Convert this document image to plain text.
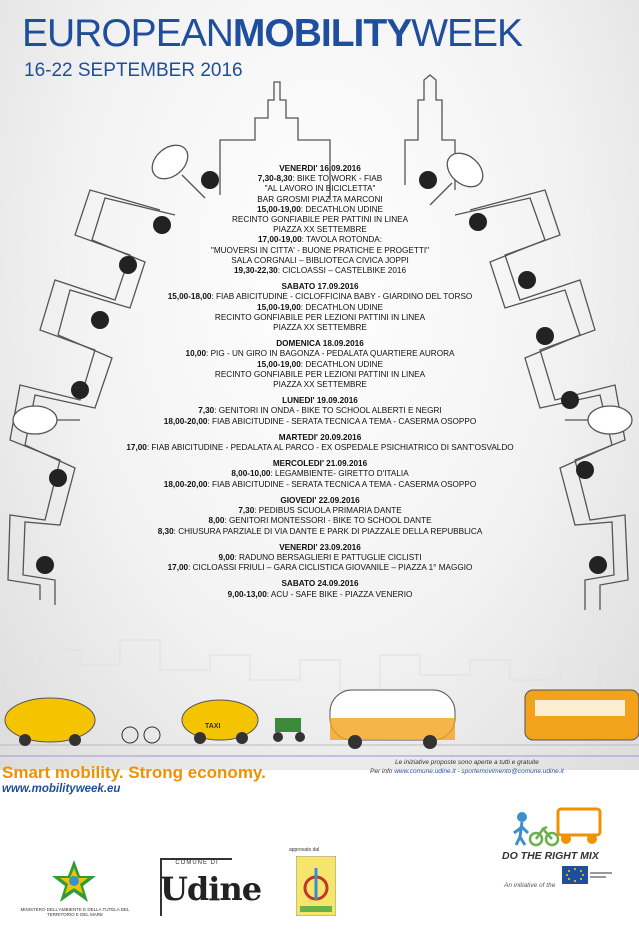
EUROPEANMOBILITYWEEK
16-22 SEPTEMBER 2016
TAXI
VENERDI' 16.09.2016
7,30-8,30: BIKE TO WORK - FIAB
"AL LAVORO IN BICICLETTA"
BAR GROSMI PIAZ.TA MARCONI
15,00-19,00: DECATHLON UDINE
RECINTO GONFIABILE PER PATTINI IN LINEA
PIAZZA XX SETTEMBRE
17,00-19,00: TAVOLA ROTONDA:
"MUOVERSI IN CITTA' - BUONE PRATICHE E PROGETTI"
SALA CORGNALI – BIBLIOTECA CIVICA JOPPI
19,30-22,30: CICLOASSI – CASTELBIKE 2016
SABATO 17.09.2016
15,00-18,00: FIAB ABICITUDINE - CICLOFFICINA BABY - GIARDINO DEL TORSO
15,00-19,00: DECATHLON UDINE
RECINTO GONFIABILE PER LEZIONI PATTINI IN LINEA
PIAZZA XX SETTEMBRE
DOMENICA 18.09.2016
10,00: PIG - UN GIRO IN BAGONZA - PEDALATA QUARTIERE AURORA
15,00-19,00: DECATHLON UDINE
RECINTO GONFIABILE PER LEZIONI PATTINI IN LINEA
PIAZZA XX SETTEMBRE
LUNEDI' 19.09.2016
7,30: GENITORI IN ONDA - BIKE TO SCHOOL ALBERTI E NEGRI
18,00-20,00: FIAB ABICITUDINE - SERATA TECNICA A TEMA - CASERMA OSOPPO
MARTEDI' 20.09.2016
17,00: FIAB ABICITUDINE - PEDALATA AL PARCO - EX OSPEDALE PSICHIATRICO DI SANT'OSVALDO
MERCOLEDI' 21.09.2016
8,00-10,00: LEGAMBIENTE- GIRETTO D'ITALIA
18,00-20,00: FIAB ABICITUDINE - SERATA TECNICA A TEMA - CASERMA OSOPPO
GIOVEDI' 22.09.2016
7,30: PEDIBUS SCUOLA PRIMARIA DANTE
8,00: GENITORI MONTESSORI - BIKE TO SCHOOL DANTE
8,30: CHIUSURA PARZIALE DI VIA DANTE E PARK DI PIAZZALE DELLA REPUBBLICA
VENERDI' 23.09.2016
9,00: RADUNO BERSAGLIERI E PATTUGLIE CICLISTI
17,00: CICLOASSI FRIULI – GARA CICLISTICA GIOVANILE – PIAZZA 1° MAGGIO
SABATO 24.09.2016
9,00-13,00: ACU - SAFE BIKE - PIAZZA VENERIO
Smart mobility. Strong economy.
www.mobilityweek.eu
Le iniziative proposte sono aperte a tutti e gratuite
Per info www.comune.udine.it - sportemovimento@comune.udine.it
DO THE RIGHT MIX
An initiative of the
MINISTERO DELL'AMBIENTE E DELLA TUTELA DEL TERRITORIO E DEL MARE
COMUNE DI
Udine
approvato dal
